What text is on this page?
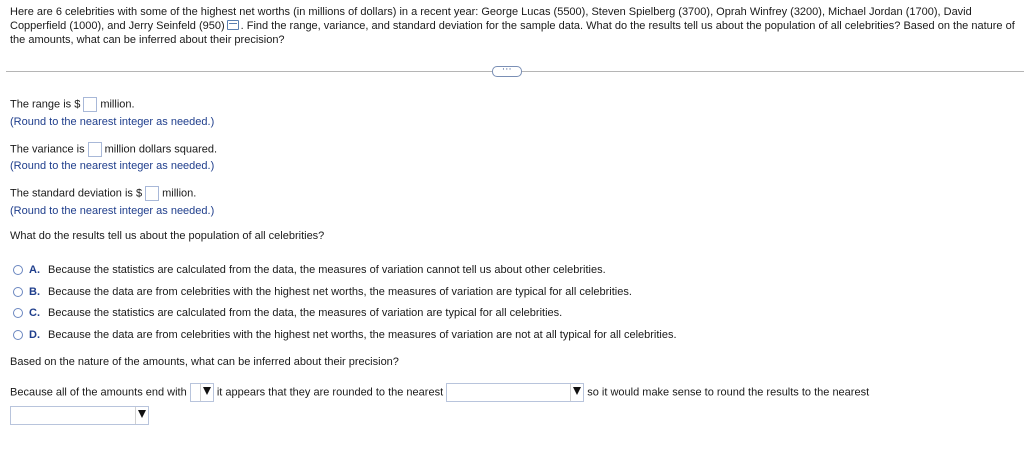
Here are 6 celebrities with some of the highest net worths (in millions of dollars) in a recent year: George Lucas (5500), Steven Spielberg (3700), Oprah Winfrey (3200), Michael Jordan (1700), David Copperfield (1000), and Jerry Seinfeld (950) . Find the range, variance, and standard deviation for the sample data. What do the results tell us about the population of all celebrities? Based on the nature of the amounts, what can be inferred about their precision?

···
The range is $ million.
(Round to the nearest integer as needed.)
The variance is million dollars squared.
(Round to the nearest integer as needed.)
The standard deviation is $ million.
(Round to the nearest integer as needed.)
What do the results tell us about the population of all celebrities?
A. Because the statistics are calculated from the data, the measures of variation cannot tell us about other celebrities.
B. Because the data are from celebrities with the highest net worths, the measures of variation are typical for all celebrities.
C. Because the statistics are calculated from the data, the measures of variation are typical for all celebrities.
D. Because the data are from celebrities with the highest net worths, the measures of variation are not at all typical for all celebrities.
Based on the nature of the amounts, what can be inferred about their precision?
Because all of the amounts end with	it appears that they are rounded to the nearest	so it would make sense to round the results to the nearest
